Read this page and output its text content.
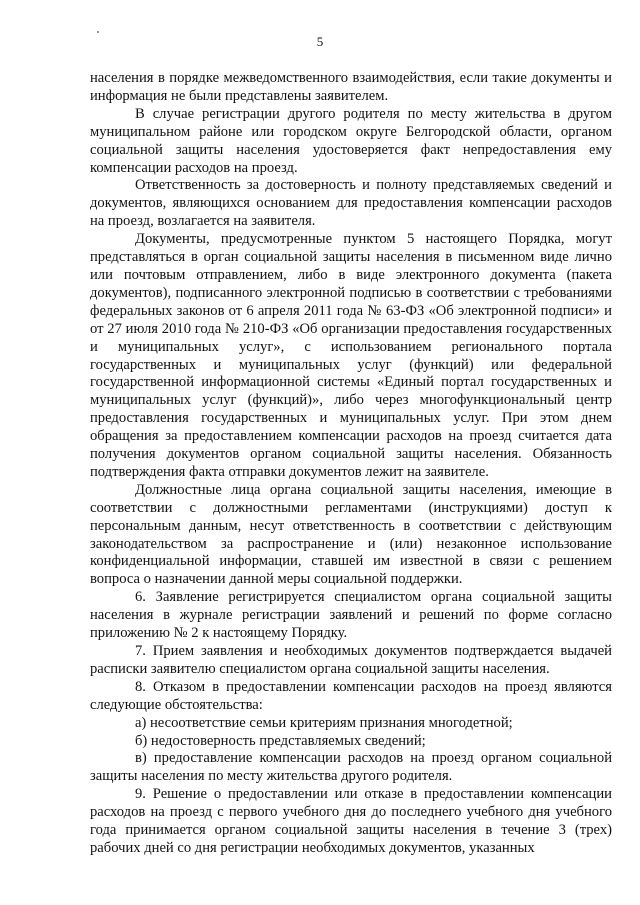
5

населения в порядке межведомственного взаимодействия, если такие документы и информация не были представлены заявителем.

В случае регистрации другого родителя по месту жительства в другом муниципальном районе или городском округе Белгородской области, органом социальной защиты населения удостоверяется факт непредоставления ему компенсации расходов на проезд.

Ответственность за достоверность и полноту представляемых сведений и документов, являющихся основанием для предоставления компенсации расходов на проезд, возлагается на заявителя.

Документы, предусмотренные пунктом 5 настоящего Порядка, могут представляться в орган социальной защиты населения в письменном виде лично или почтовым отправлением, либо в виде электронного документа (пакета документов), подписанного электронной подписью в соответствии с требованиями федеральных законов от 6 апреля 2011 года № 63-ФЗ «Об электронной подписи» и от 27 июля 2010 года № 210-ФЗ «Об организации предоставления государственных и муниципальных услуг», с использованием регионального портала государственных и муниципальных услуг (функций) или федеральной государственной информационной системы «Единый портал государственных и муниципальных услуг (функций)», либо через многофункциональный центр предоставления государственных и муниципальных услуг. При этом днем обращения за предоставлением компенсации расходов на проезд считается дата получения документов органом социальной защиты населения. Обязанность подтверждения факта отправки документов лежит на заявителе.

Должностные лица органа социальной защиты населения, имеющие в соответствии с должностными регламентами (инструкциями) доступ к персональным данным, несут ответственность в соответствии с действующим законодательством за распространение и (или) незаконное использование конфиденциальной информации, ставшей им известной в связи с решением вопроса о назначении данной меры социальной поддержки.

6. Заявление регистрируется специалистом органа социальной защиты населения в журнале регистрации заявлений и решений по форме согласно приложению № 2 к настоящему Порядку.

7. Прием заявления и необходимых документов подтверждается выдачей расписки заявителю специалистом органа социальной защиты населения.

8. Отказом в предоставлении компенсации расходов на проезд являются следующие обстоятельства:

а) несоответствие семьи критериям признания многодетной;

б) недостоверность представляемых сведений;

в) предоставление компенсации расходов на проезд органом социальной защиты населения по месту жительства другого родителя.

9. Решение о предоставлении или отказе в предоставлении компенсации расходов на проезд с первого учебного дня до последнего учебного дня учебного года принимается органом социальной защиты населения в течение 3 (трех) рабочих дней со дня регистрации необходимых документов, указанных
